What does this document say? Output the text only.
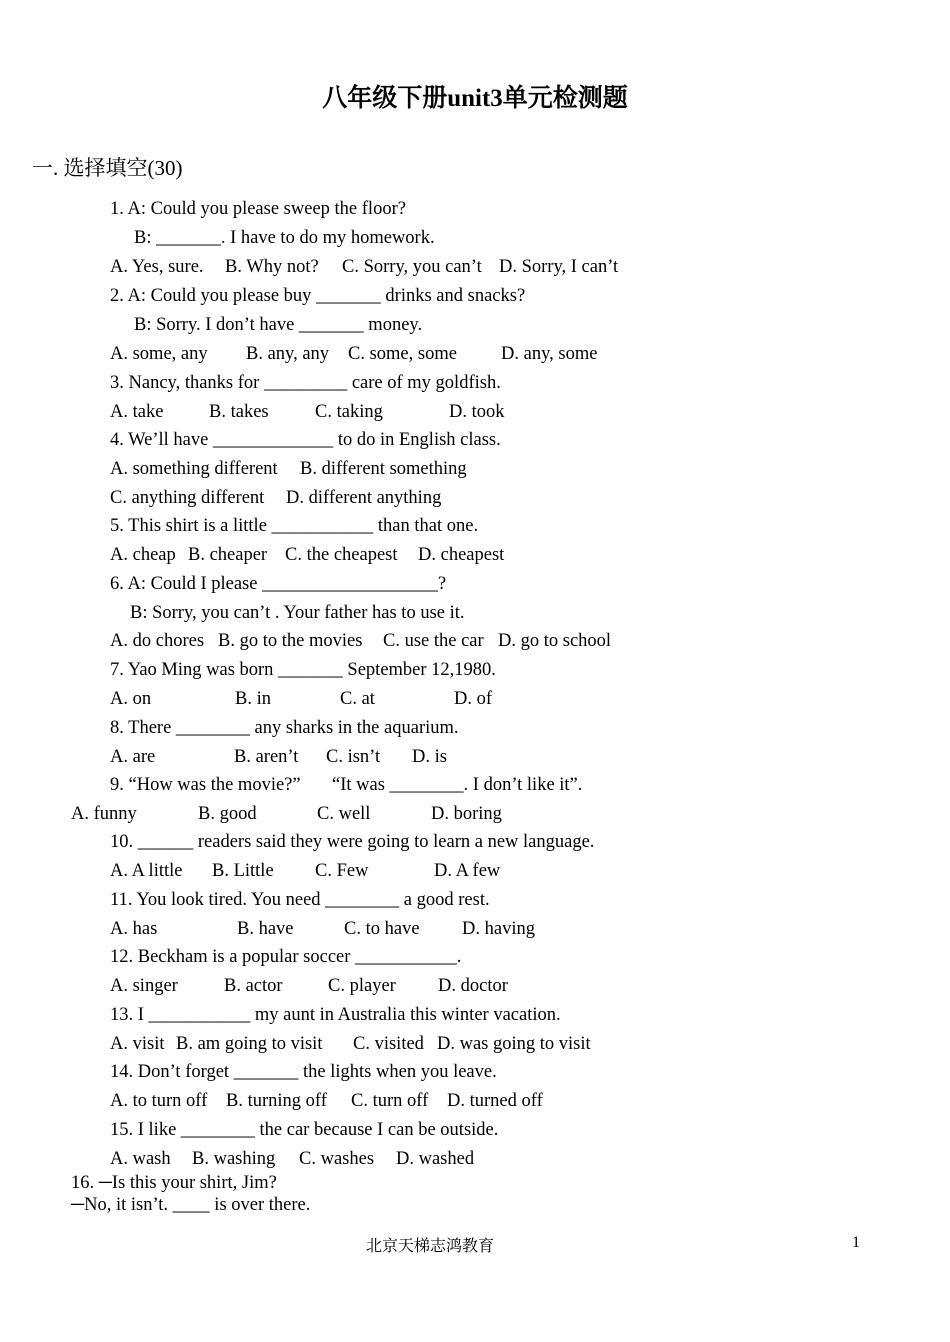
八年级下册unit3单元检测题
一. 选择填空(30)
1. A: Could you please sweep the floor?
B: _______. I have to do my homework.

A. Yes, sure.

B. Why not?

C. Sorry, you can’t

D. Sorry, I can’t

2. A: Could you please buy _______ drinks and snacks?
B: Sorry. I don’t have _______ money.

A. some, any

B. any, any

C. some, some

D. any, some

3. Nancy, thanks for _________ care of my goldfish.

A. take

B. takes

	C. taking

	D. took

4. We’ll have _____________ to do in English class.

A. something different

B. different something

C. anything different

D. different anything

5. This shirt is a little ___________ than that one.

A. cheap

B. cheaper

C. the cheapest

D. cheapest

6. A: Could I please ___________________?
B: Sorry, you can’t . Your father has to use it.

A. do chores

B. go to the movies

C. use the car

D. go to school

7. Yao Ming was born _______ September 12,1980.

A. on

	B. in

	C. at

	D. of

8. There ________ any sharks in the aquarium.

A. are

	B. aren’t

C. isn’t

D. is

9. “How was the movie?”

“It was ________. I don’t like it”.

A. funny

	B. good

	C. well

	D. boring

10. ______ readers said they were going to learn a new language.

A. A little

B. Little

C. Few

	D. A few

11. You look tired. You need ________ a good rest.

A. has

	B. have

	C. to have

D. having

12. Beckham is a popular soccer ___________.

A. singer

B. actor

C. player

D. doctor

13. I ___________ my aunt in Australia this winter vacation.

A. visit

B. am going to visit

C. visited

D. was going to visit

14. Don’t forget _______ the lights when you leave.

A. to turn off

B. turning off

C. turn off

D. turned off

15. I like ________ the car because I can be outside.

A. wash

B. washing

C. washes

D. washed

16. ─Is this your shirt, Jim?
─No, it isn’t. ____ is over there.
北京天梯志鸿教育	1
